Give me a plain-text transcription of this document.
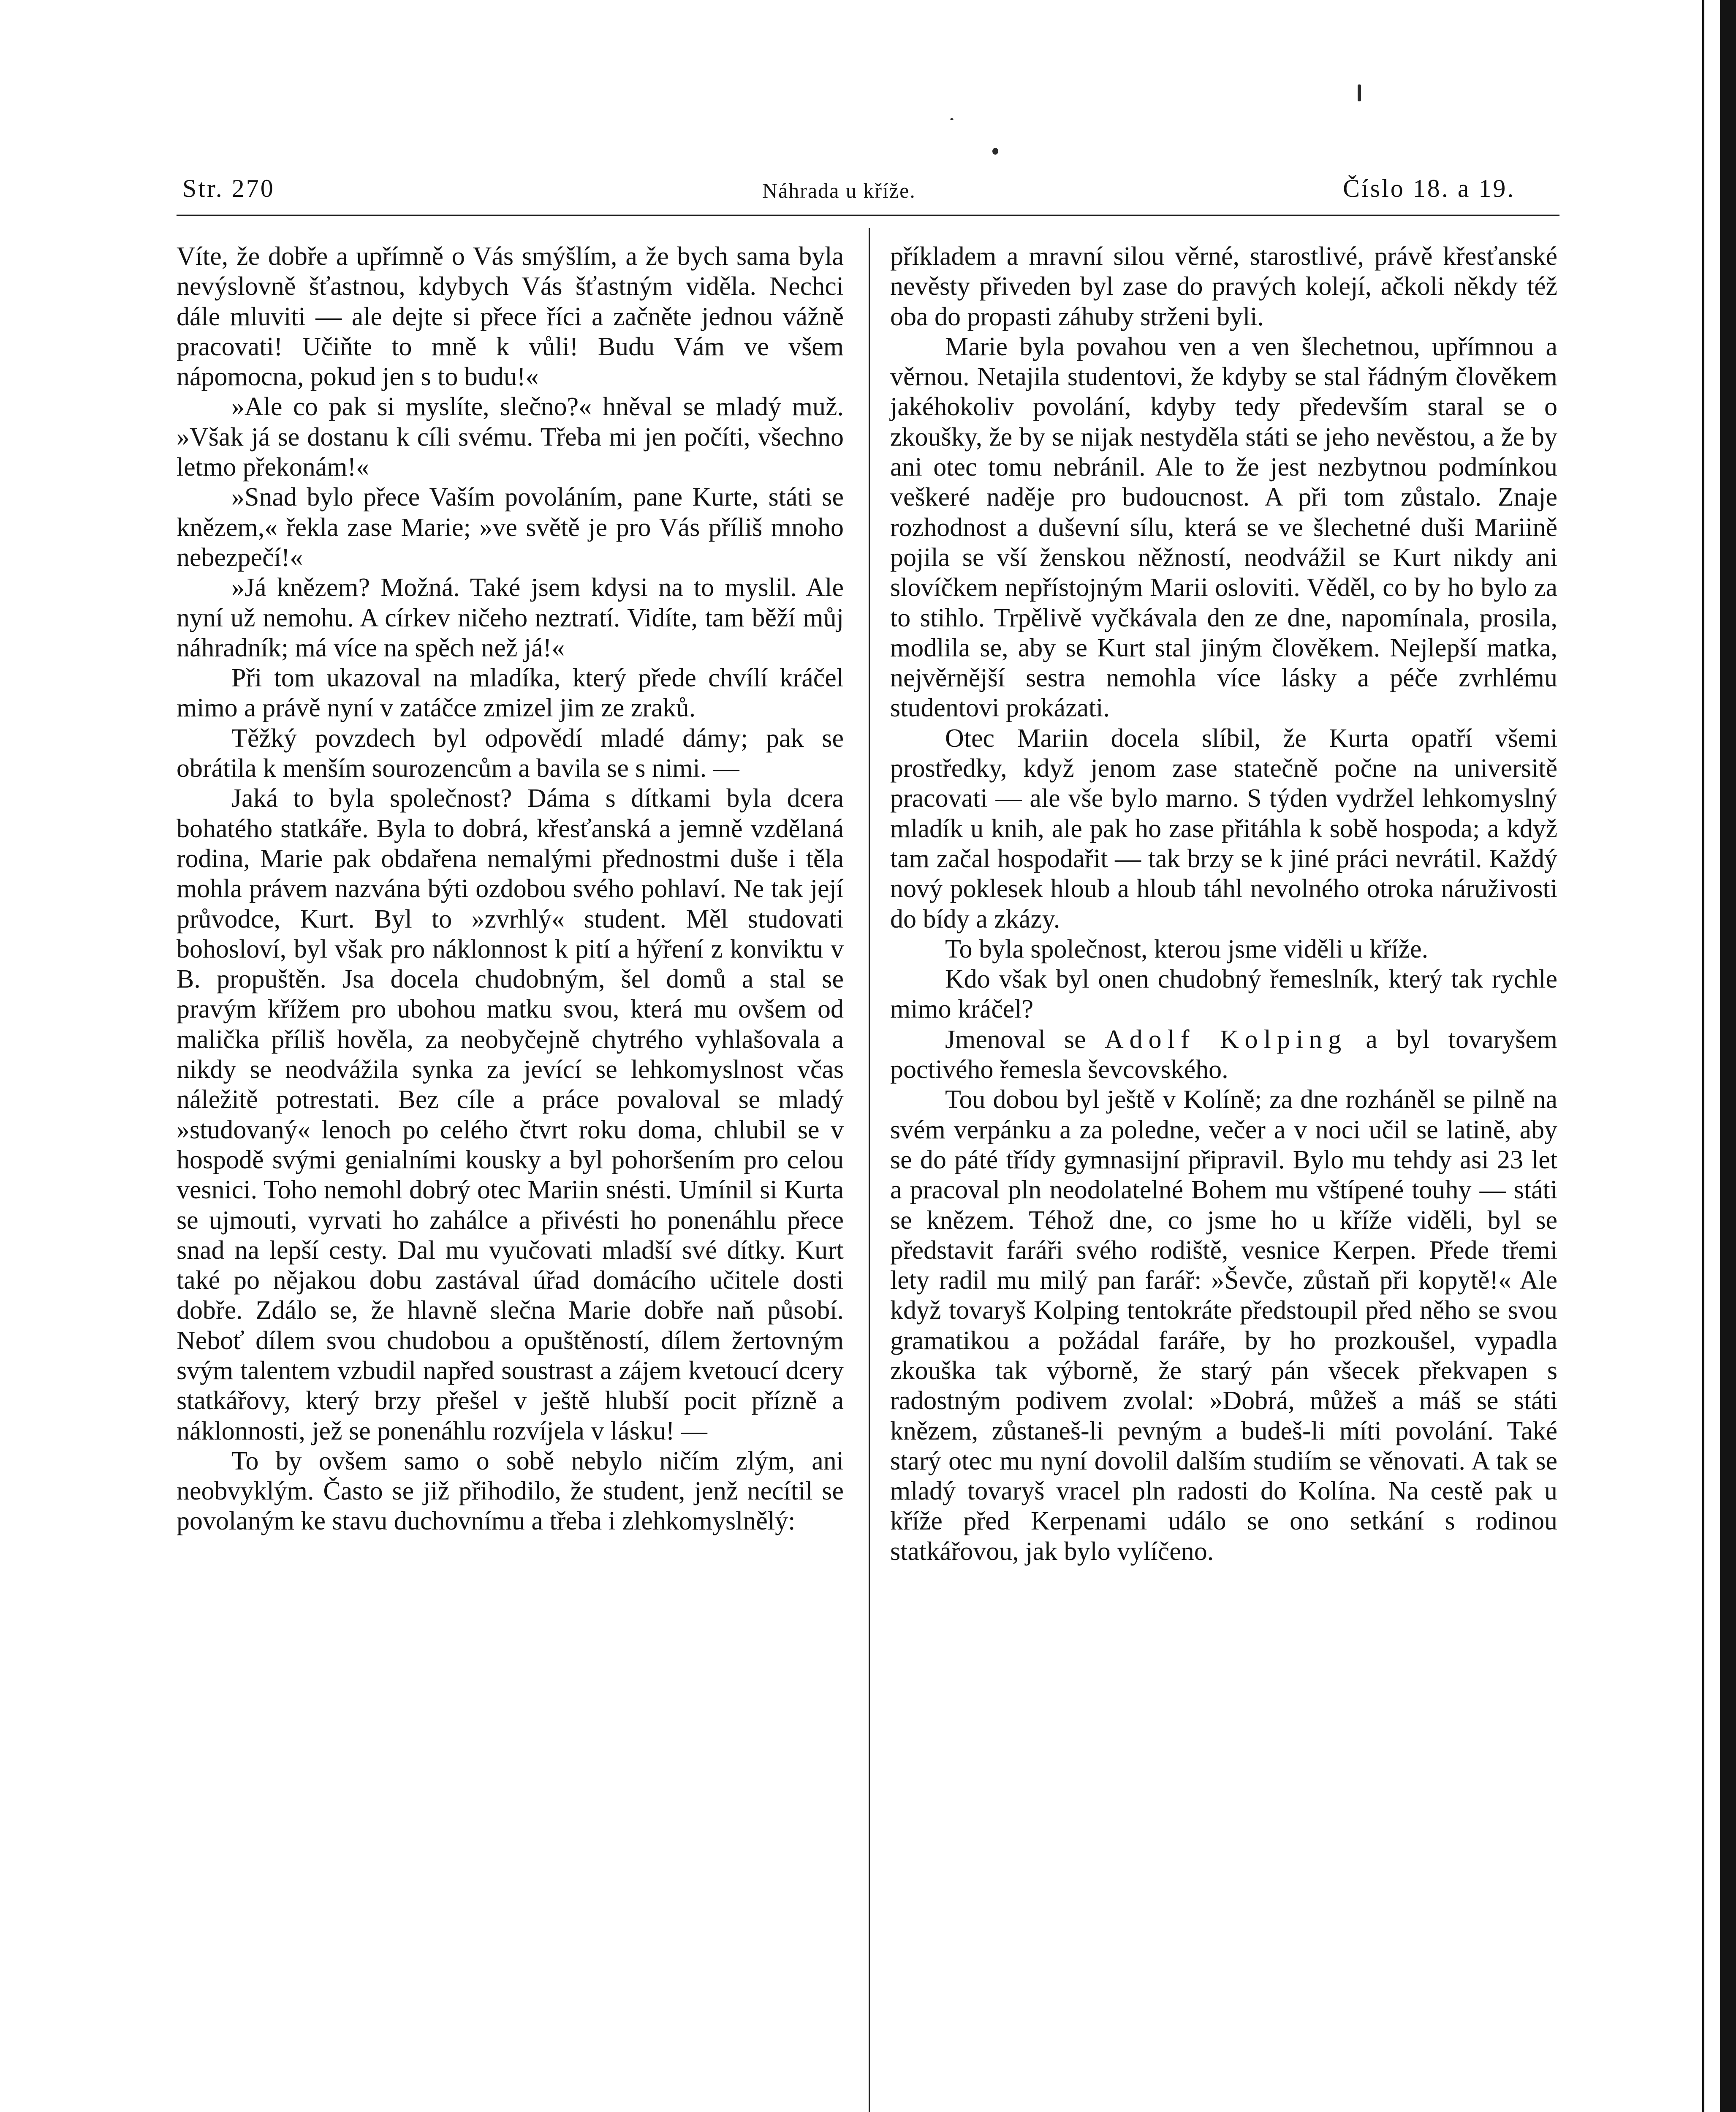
Str. 270	Náhrada u kříže.	Číslo 18. a 19.

Víte, že dobře a upřímně o Vás smýšlím, a že bych sama byla nevýslovně šťastnou, kdybych Vás šťastným viděla. Nechci dále mluviti — ale dejte si přece říci a začněte jednou vážně pracovati! Učiňte to mně k vůli! Budu Vám ve všem nápomocna, pokud jen s to budu!«

»Ale co pak si myslíte, slečno?« hněval se mladý muž. »Však já se dostanu k cíli svému. Třeba mi jen počíti, všechno letmo překonám!«

»Snad bylo přece Vaším povoláním, pane Kurte, státi se knězem,« řekla zase Marie; »ve světě je pro Vás příliš mnoho nebezpečí!«

»Já knězem? Možná. Také jsem kdysi na to myslil. Ale nyní už nemohu. A církev ničeho neztratí. Vidíte, tam běží můj náhradník; má více na spěch než já!«

Při tom ukazoval na mladíka, který přede chvílí kráčel mimo a právě nyní v zatáčce zmizel jim ze zraků.

Těžký povzdech byl odpovědí mladé dámy; pak se obrátila k menším sourozencům a bavila se s nimi. —

Jaká to byla společnost? Dáma s dítkami byla dcera bohatého statkáře. Byla to dobrá, křesťanská a jemně vzdělaná rodina, Marie pak obdařena nemalými přednostmi duše i těla mohla právem nazvána býti ozdobou svého pohlaví. Ne tak její průvodce, Kurt. Byl to »zvrhlý« student. Měl studovati bohosloví, byl však pro náklonnost k pití a hýření z konviktu v B. propuštěn. Jsa docela chudobným, šel domů a stal se pravým křížem pro ubohou matku svou, která mu ovšem od malička příliš hověla, za neobyčejně chytrého vyhlašovala a nikdy se neodvážila synka za jevící se lehkomyslnost včas náležitě potrestati. Bez cíle a práce povaloval se mladý »studovaný« lenoch po celého čtvrt roku doma, chlubil se v hospodě svými genialními kousky a byl pohoršením pro celou vesnici. Toho nemohl dobrý otec Mariin snésti. Umínil si Kurta se ujmouti, vyrvati ho zahálce a přivésti ho ponenáhlu přece snad na lepší cesty. Dal mu vyučovati mladší své dítky. Kurt také po nějakou dobu zastával úřad domácího učitele dosti dobře. Zdálo se, že hlavně slečna Marie dobře naň působí. Neboť dílem svou chudobou a opuštěností, dílem žertovným svým talentem vzbudil napřed soustrast a zájem kvetoucí dcery statkářovy, který brzy přešel v ještě hlubší pocit přízně a náklonnosti, jež se ponenáhlu rozvíjela v lásku! —

To by ovšem samo o sobě nebylo ničím zlým, ani neobvyklým. Často se již přihodilo, že student, jenž necítil se povolaným ke stavu duchovnímu a třeba i zlehkomyslnělý:

příkladem a mravní silou věrné, starostlivé, právě křesťanské nevěsty přiveden byl zase do pravých kolejí, ačkoli někdy též oba do propasti záhuby strženi byli.

Marie byla povahou ven a ven šlechetnou, upřímnou a věrnou. Netajila studentovi, že kdyby se stal řádným člověkem jakéhokoliv povolání, kdyby tedy především staral se o zkoušky, že by se nijak nestyděla státi se jeho nevěstou, a že by ani otec tomu nebránil. Ale to že jest nezbytnou podmínkou veškeré naděje pro budoucnost. A při tom zůstalo. Znaje rozhodnost a duševní sílu, která se ve šlechetné duši Mariině pojila se vší ženskou něžností, neodvážil se Kurt nikdy ani slovíčkem nepřístojným Marii osloviti. Věděl, co by ho bylo za to stihlo. Trpělivě vyčkávala den ze dne, napomínala, prosila, modlila se, aby se Kurt stal jiným člověkem. Nejlepší matka, nejvěrnější sestra nemohla více lásky a péče zvrhlému studentovi prokázati.

Otec Mariin docela slíbil, že Kurta opatří všemi prostředky, když jenom zase statečně počne na universitě pracovati — ale vše bylo marno. S týden vydržel lehkomyslný mladík u knih, ale pak ho zase přitáhla k sobě hospoda; a když tam začal hospodařit — tak brzy se k jiné práci nevrátil. Každý nový poklesek hloub a hloub táhl nevolného otroka náruživosti do bídy a zkázy.

To byla společnost, kterou jsme viděli u kříže.

Kdo však byl onen chudobný řemeslník, který tak rychle mimo kráčel?

Jmenoval se Adolf Kolping a byl tovaryšem poctivého řemesla ševcovského.

Tou dobou byl ještě v Kolíně; za dne rozháněl se pilně na svém verpánku a za poledne, večer a v noci učil se latině, aby se do páté třídy gymnasijní připravil. Bylo mu tehdy asi 23 let a pracoval pln neodolatelné Bohem mu vštípené touhy — státi se knězem. Téhož dne, co jsme ho u kříže viděli, byl se představit faráři svého rodiště, vesnice Kerpen. Přede třemi lety radil mu milý pan farář: »Ševče, zůstaň při kopytě!« Ale když tovaryš Kolping tentokráte předstoupil před něho se svou gramatikou a požádal faráře, by ho prozkoušel, vypadla zkouška tak výborně, že starý pán všecek překvapen s radostným podivem zvolal: »Dobrá, můžeš a máš se státi knězem, zůstaneš-li pevným a budeš-li míti povolání. Také starý otec mu nyní dovolil dalším studiím se věnovati. A tak se mladý tovaryš vracel pln radosti do Kolína. Na cestě pak u kříže před Kerpenami událo se ono setkání s rodinou statkářovou, jak bylo vylíčeno.
